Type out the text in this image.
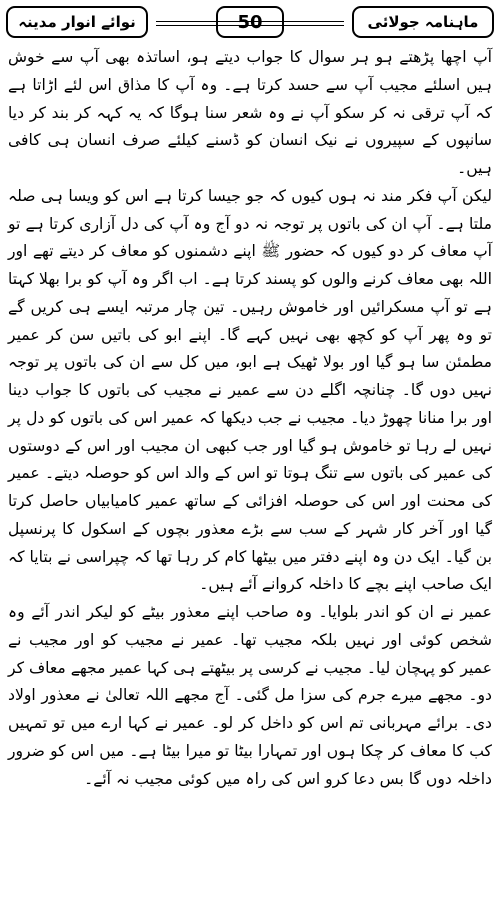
ماہنامہ جولائی
50
نوائے انوار مدینہ

آپ اچھا پڑھتے ہو ہر سوال کا جواب دیتے ہو، اساتذہ بھی آپ سے خوش ہیں اسلئے مجیب آپ سے حسد کرتا ہے۔ وہ آپ کا مذاق اس لئے اڑاتا ہے کہ آپ ترقی نہ کر سکو آپ نے وہ شعر سنا ہوگا کہ یہ کہہ کر بند کر دیا سانپوں کے سپیروں نے نیک انسان کو ڈسنے کیلئے صرف انسان ہی کافی ہیں۔

لیکن آپ فکر مند نہ ہوں کیوں کہ جو جیسا کرتا ہے اس کو ویسا ہی صلہ ملتا ہے۔ آپ ان کی باتوں پر توجہ نہ دو آج وہ آپ کی دل آزاری کرتا ہے تو آپ معاف کر دو کیوں کہ حضور ﷺ اپنے دشمنوں کو معاف کر دیتے تھے اور اللہ بھی معاف کرنے والوں کو پسند کرتا ہے۔ اب اگر وہ آپ کو برا بھلا کہتا ہے تو آپ مسکرائیں اور خاموش رہیں۔ تین چار مرتبہ ایسے ہی کریں گے تو وہ پھر آپ کو کچھ بھی نہیں کہے گا۔ اپنے ابو کی باتیں سن کر عمیر مطمئن سا ہو گیا اور بولا ٹھیک ہے ابو، میں کل سے ان کی باتوں پر توجہ نہیں دوں گا۔ چنانچہ اگلے دن سے عمیر نے مجیب کی باتوں کا جواب دینا اور برا منانا چھوڑ دیا۔ مجیب نے جب دیکھا کہ عمیر اس کی باتوں کو دل پر نہیں لے رہا تو خاموش ہو گیا اور جب کبھی ان مجیب اور اس کے دوستوں کی عمیر کی باتوں سے تنگ ہوتا تو اس کے والد اس کو حوصلہ دیتے۔ عمیر کی محنت اور اس کی حوصلہ افزائی کے ساتھ عمیر کامیابیاں حاصل کرتا گیا اور آخر کار شہر کے سب سے بڑے معذور بچوں کے اسکول کا پرنسپل بن گیا۔ ایک دن وہ اپنے دفتر میں بیٹھا کام کر رہا تھا کہ چپراسی نے بتایا کہ ایک صاحب اپنے بچے کا داخلہ کروانے آئے ہیں۔

عمیر نے ان کو اندر بلوایا۔ وہ صاحب اپنے معذور بیٹے کو لیکر اندر آئے وہ شخص کوئی اور نہیں بلکہ مجیب تھا۔ عمیر نے مجیب کو اور مجیب نے عمیر کو پہچان لیا۔ مجیب نے کرسی پر بیٹھتے ہی کہا عمیر مجھے معاف کر دو۔ مجھے میرے جرم کی سزا مل گئی۔ آج مجھے اللہ تعالیٰ نے معذور اولاد دی۔ برائے مہربانی تم اس کو داخل کر لو۔ عمیر نے کہا ارے میں تو تمہیں کب کا معاف کر چکا ہوں اور تمہارا بیٹا تو میرا بیٹا ہے۔ میں اس کو ضرور داخلہ دوں گا بس دعا کرو اس کی راہ میں کوئی مجیب نہ آئے۔
